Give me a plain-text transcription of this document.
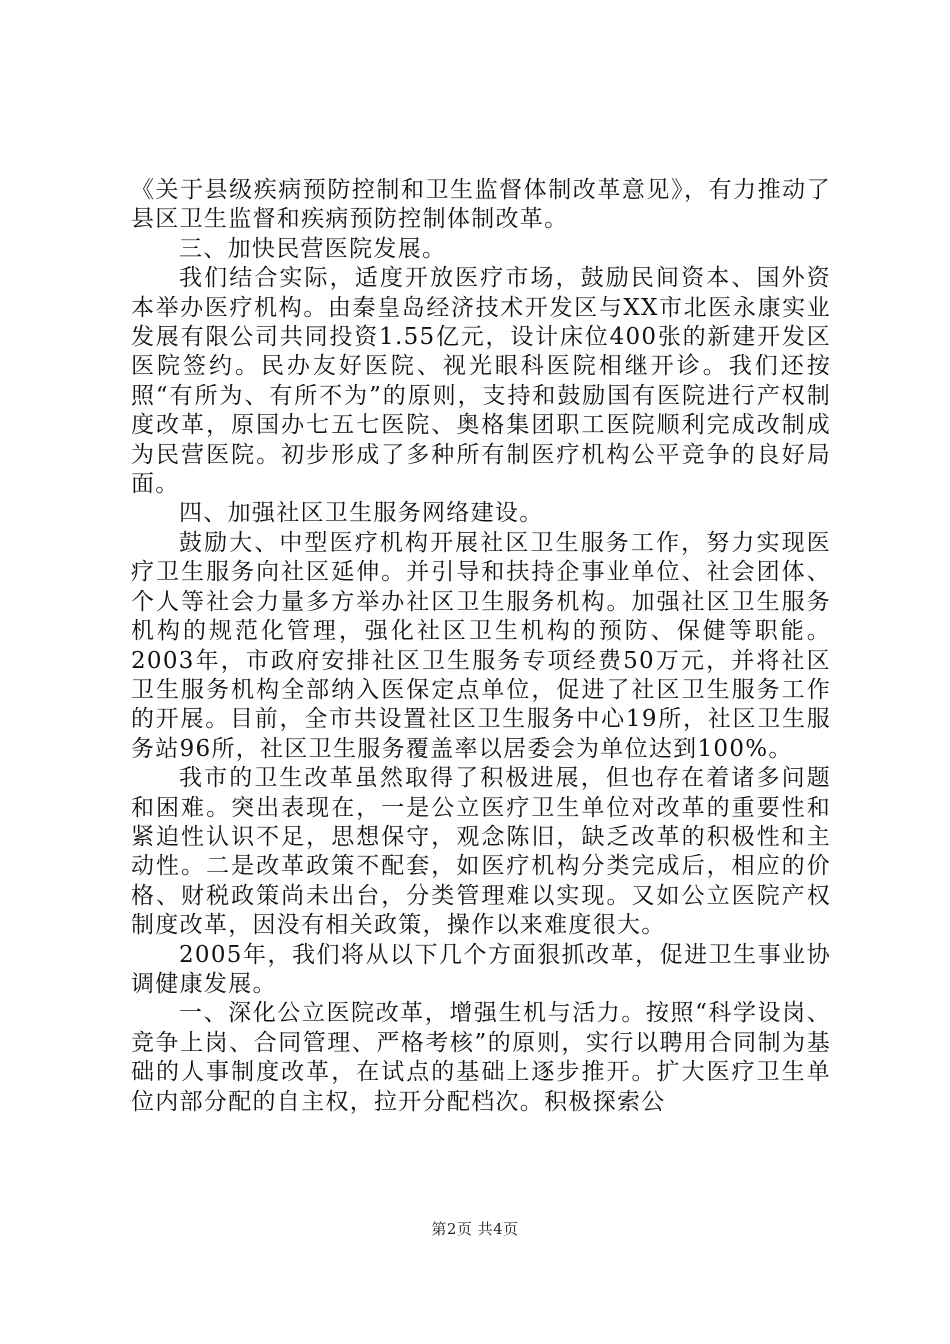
《关于县级疾病预防控制和卫生监督体制改革意见》，有力推动了县区卫生监督和疾病预防控制体制改革。

三、加快民营医院发展。

我们结合实际，适度开放医疗市场，鼓励民间资本、国外资本举办医疗机构。由秦皇岛经济技术开发区与XX市北医永康实业发展有限公司共同投资1.55亿元，设计床位400张的新建开发区医院签约。民办友好医院、视光眼科医院相继开诊。我们还按照“有所为、有所不为”的原则，支持和鼓励国有医院进行产权制度改革，原国办七五七医院、奥格集团职工医院顺利完成改制成为民营医院。初步形成了多种所有制医疗机构公平竞争的良好局面。

四、加强社区卫生服务网络建设。

鼓励大、中型医疗机构开展社区卫生服务工作，努力实现医疗卫生服务向社区延伸。并引导和扶持企事业单位、社会团体、个人等社会力量多方举办社区卫生服务机构。加强社区卫生服务机构的规范化管理，强化社区卫生机构的预防、保健等职能。2003年，市政府安排社区卫生服务专项经费50万元，并将社区卫生服务机构全部纳入医保定点单位，促进了社区卫生服务工作的开展。目前，全市共设置社区卫生服务中心19所，社区卫生服务站96所，社区卫生服务覆盖率以居委会为单位达到100%。

我市的卫生改革虽然取得了积极进展，但也存在着诸多问题和困难。突出表现在，一是公立医疗卫生单位对改革的重要性和紧迫性认识不足，思想保守，观念陈旧，缺乏改革的积极性和主动性。二是改革政策不配套，如医疗机构分类完成后，相应的价格、财税政策尚未出台，分类管理难以实现。又如公立医院产权制度改革，因没有相关政策，操作以来难度很大。

2005年，我们将从以下几个方面狠抓改革，促进卫生事业协调健康发展。

一、深化公立医院改革，增强生机与活力。按照“科学设岗、竞争上岗、合同管理、严格考核”的原则，实行以聘用合同制为基础的人事制度改革，在试点的基础上逐步推开。扩大医疗卫生单位内部分配的自主权，拉开分配档次。积极探索公

第2页 共4页
